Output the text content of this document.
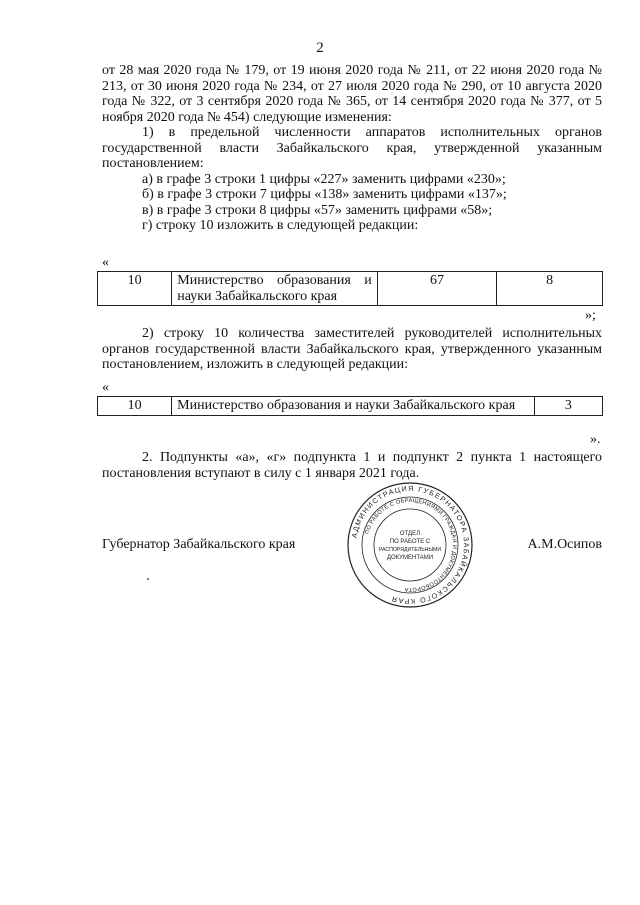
2

от 28 мая 2020 года № 179, от 19 июня 2020 года № 211, от 22 июня 2020 года № 213, от 30 июня 2020 года № 234, от 27 июля 2020 года № 290, от 10 августа 2020 года № 322, от 3 сентября 2020 года № 365, от 14 сентября 2020 года № 377, от 5 ноября 2020 года № 454) следующие изменения:

1) в предельной численности аппаратов исполнительных органов государственной власти Забайкальского края, утвержденной указанным постановлением:

а) в графе 3 строки 1 цифры «227» заменить цифрами «230»;

б) в графе 3 строки 7 цифры «138» заменить цифрами «137»;

в) в графе 3 строки 8 цифры «57» заменить цифрами «58»;

г) строку 10 изложить в следующей редакции:

«
10	Министерство образования и науки Забайкальского края	67	8
»;

2) строку 10 количества заместителей руководителей исполнительных органов государственной власти Забайкальского края, утвержденного указанным постановлением, изложить в следующей редакции:

«
10	Министерство образования и науки Забайкальского края	3
».

2. Подпункты «а», «г» подпункта 1 и подпункт 2 пункта 1 настоящего постановления вступают в силу с 1 января 2021 года.

Губернатор Забайкальского края	А.М.Осипов
АДМИНИСТРАЦИЯ ГУБЕРНАТОРА ЗАБАЙКАЛЬСКОГО КРАЯ
ПО РАБОТЕ С ОБРАЩЕНИЯМИ ГРАЖДАН И ДОКУМЕНТООБОРОТА
ОТДЕЛ
ПО РАБОТЕ С
РАСПОРЯДИТЕЛЬНЫМИ
ДОКУМЕНТАМИ
